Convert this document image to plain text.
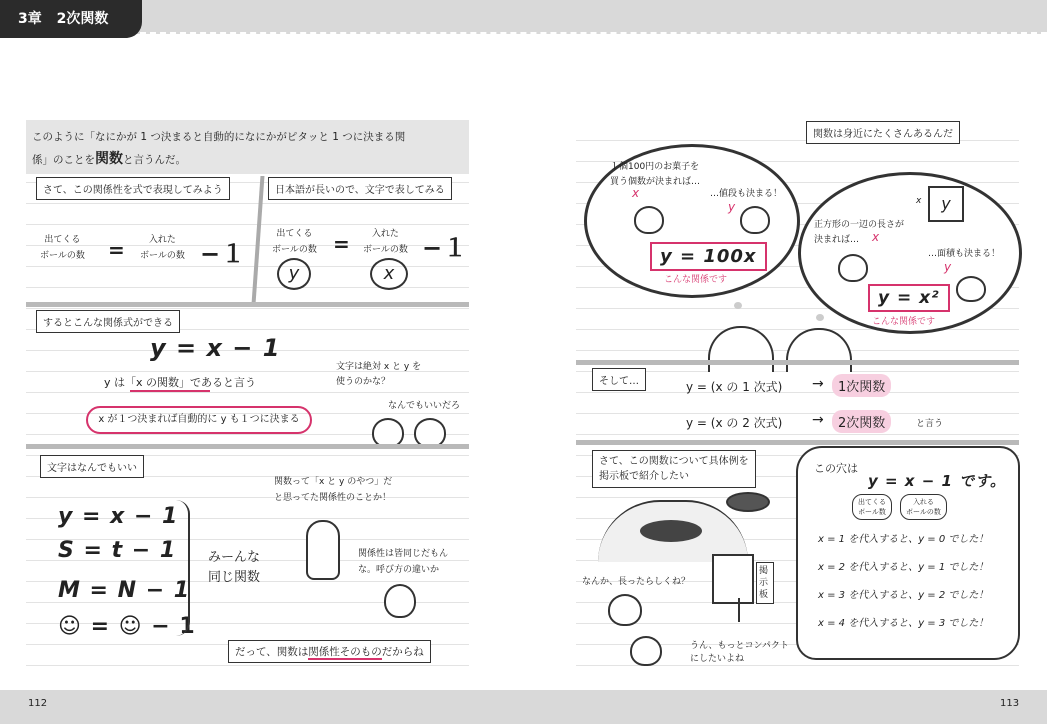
3章 2次関数
112	113
このように「なにかが 1 つ決まると自動的になにかがピタッと 1 つに決まる関
係」のことを関数と言うんだ。
さて、この関係性を式で表現してみよう	日本語が長いので、文字で表してみる
出てくる
ボールの数 =	入れた
ボールの数 −１
出てくる
ボールの数 =	入れた
ボールの数 −１
y	x
するとこんな関係式ができる
y = x − 1
y は「x の関数」であると言う
x が１つ決まれば自動的に y も１つに決まる
文字は絶対 x と y を
使うのかな？
なんでもいいだろ
文字はなんでもいい
y = x − 1
S = t − 1
M = N − 1
☺ = ☺ − 1
みーんな
同じ関数
関数って「x と y のやつ」だ
と思ってた関係性のことか！
関係性は皆同じだもん
な。呼び方の違いか
だって、関数は関係性そのものだからね
関数は身近にたくさんあるんだ
１個100円のお菓子を
買う個数が決まれば…
x	…値段も決まる！
y
y = 100x
こんな関係です
y
x
正方形の一辺の長さが
決まれば…	x
…面積も決まる！
y
y = x²
こんな関係です
そして…	y = (x の 1 次式) →	1次関数
y = (x の 2 次式) →	2次関数	と言う
さて、この関数について具体例を
掲示板で紹介したい
掲示板
なんか、長ったらしくね？
うん、もっとコンパクト
にしたいよね
この穴は
y = x − 1 です。
出てくる
ボール数
入れる
ボールの数
x = 1 を代入すると、y = 0 でした！
x = 2 を代入すると、y = 1 でした！
x = 3 を代入すると、y = 2 でした！
x = 4 を代入すると、y = 3 でした！
